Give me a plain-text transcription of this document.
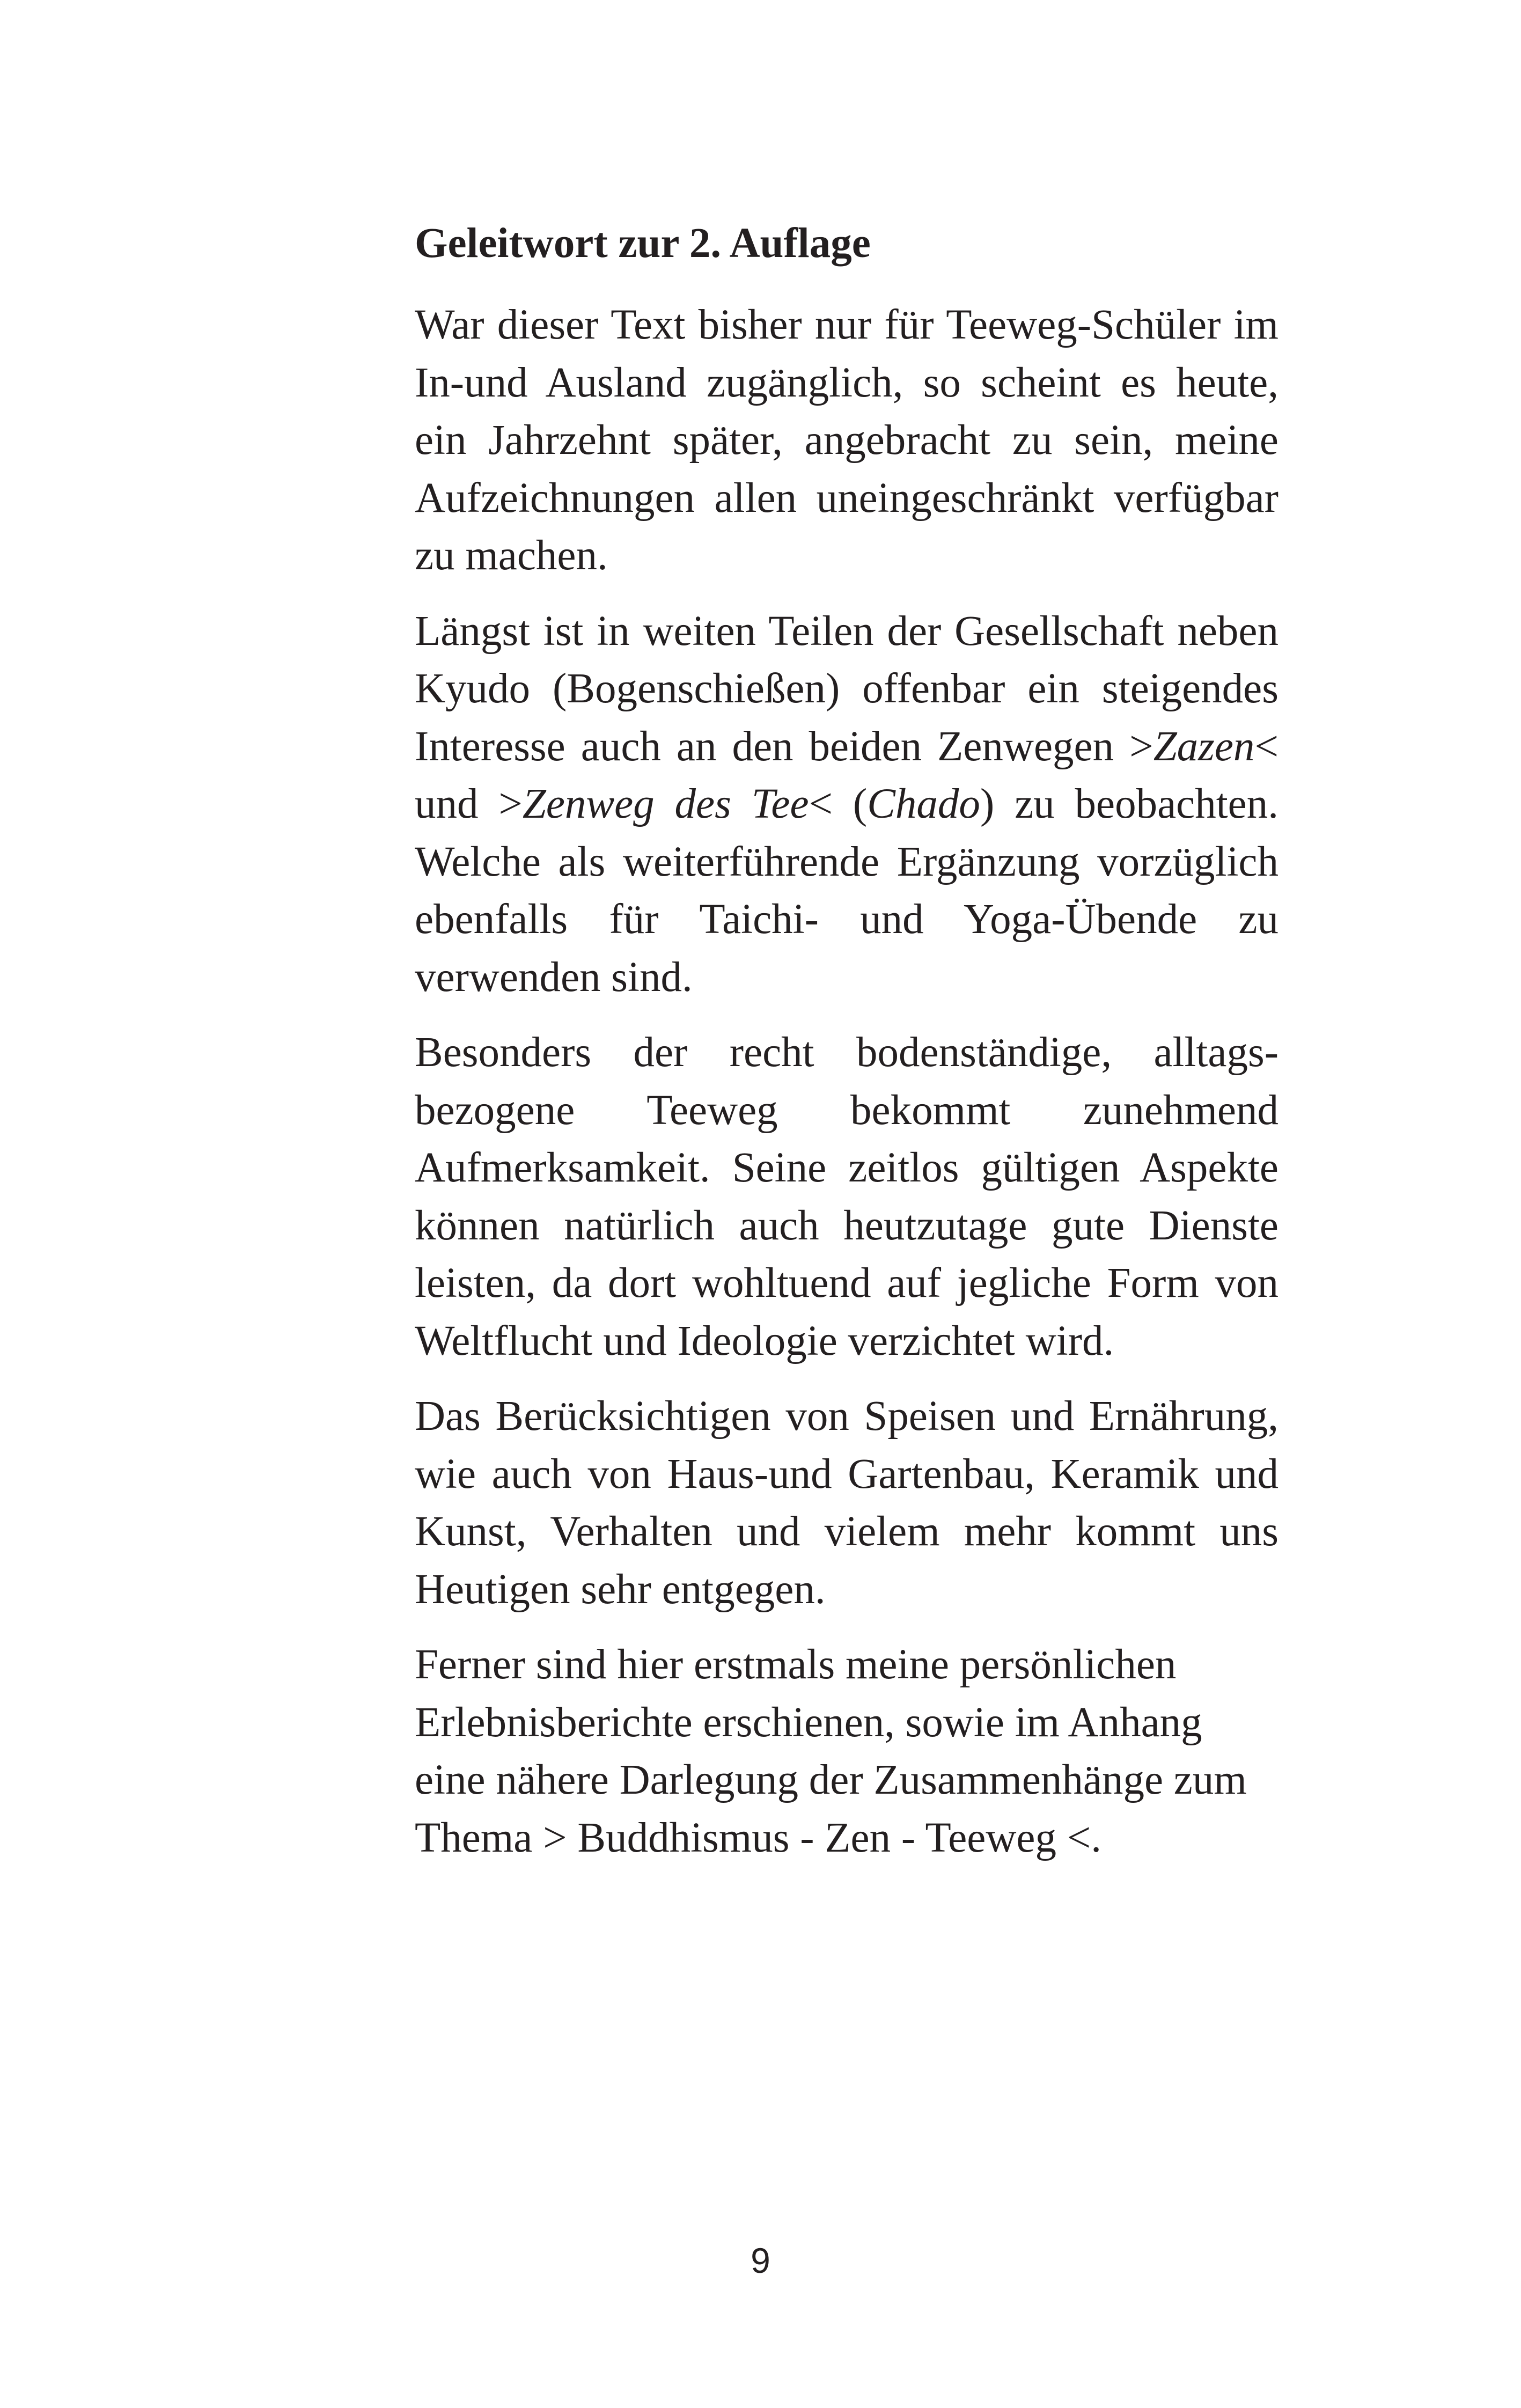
Geleitwort zur 2. Auflage

War dieser Text bisher nur für Teeweg-Schüler im In-und Ausland zugänglich, so scheint es heute, ein Jahrzehnt später, angebracht zu sein, meine Aufzeichnungen allen uneingeschränkt verfügbar zu machen.

Längst ist in weiten Teilen der Gesellschaft neben Kyudo (Bogenschießen) offenbar ein steigendes Interesse auch an den beiden Zenwegen >Zazen< und >Zenweg des Tee< (Chado) zu beobachten. Welche als weiterführende Ergänzung vorzüglich ebenfalls für Taichi- und Yoga-Übende zu verwenden sind.

Besonders der recht bodenständige, alltagsbezogene Teeweg bekommt zunehmend Aufmerksamkeit. Seine zeitlos gültigen Aspekte können natürlich auch heutzutage gute Dienste leisten, da dort wohltuend auf jegliche Form von Weltflucht und Ideologie verzichtet wird.

Das Berücksichtigen von Speisen und Ernährung, wie auch von Haus-und Gartenbau, Keramik und Kunst, Verhalten und vielem mehr kommt uns Heutigen sehr entgegen.

Ferner sind hier erstmals meine persönlichen Erlebnisberichte erschienen, sowie im Anhang eine nähere Darlegung der Zusammenhänge zum Thema > Buddhismus - Zen - Teeweg <.

9
